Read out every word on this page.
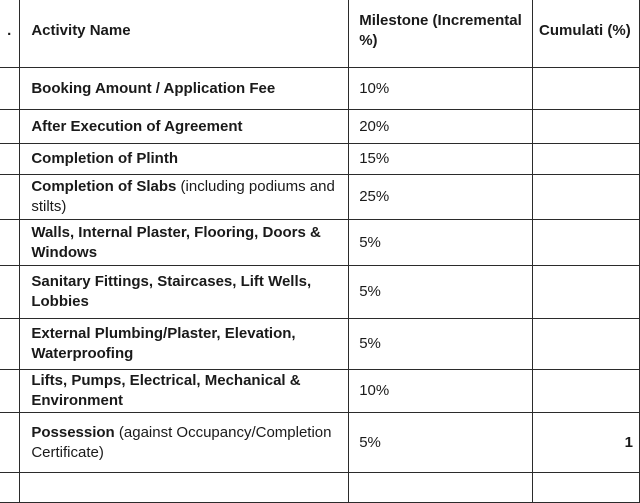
.	Activity Name	Milestone (Incremental %)	Cumulati (%)
	Booking Amount / Application Fee	10%	

	After Execution of Agreement	20%	

	Completion of Plinth	15%	

	Completion of Slabs (including podiums and stilts)	25%	

	Walls, Internal Plaster, Flooring, Doors & Windows	5%	

	Sanitary Fittings, Staircases, Lift Wells, Lobbies	5%	

	External Plumbing/Plaster, Elevation, Waterproofing	5%	

	Lifts, Pumps, Electrical, Mechanical & Environment	10%	

	Possession (against Occupancy/Completion Certificate)	5%	1
